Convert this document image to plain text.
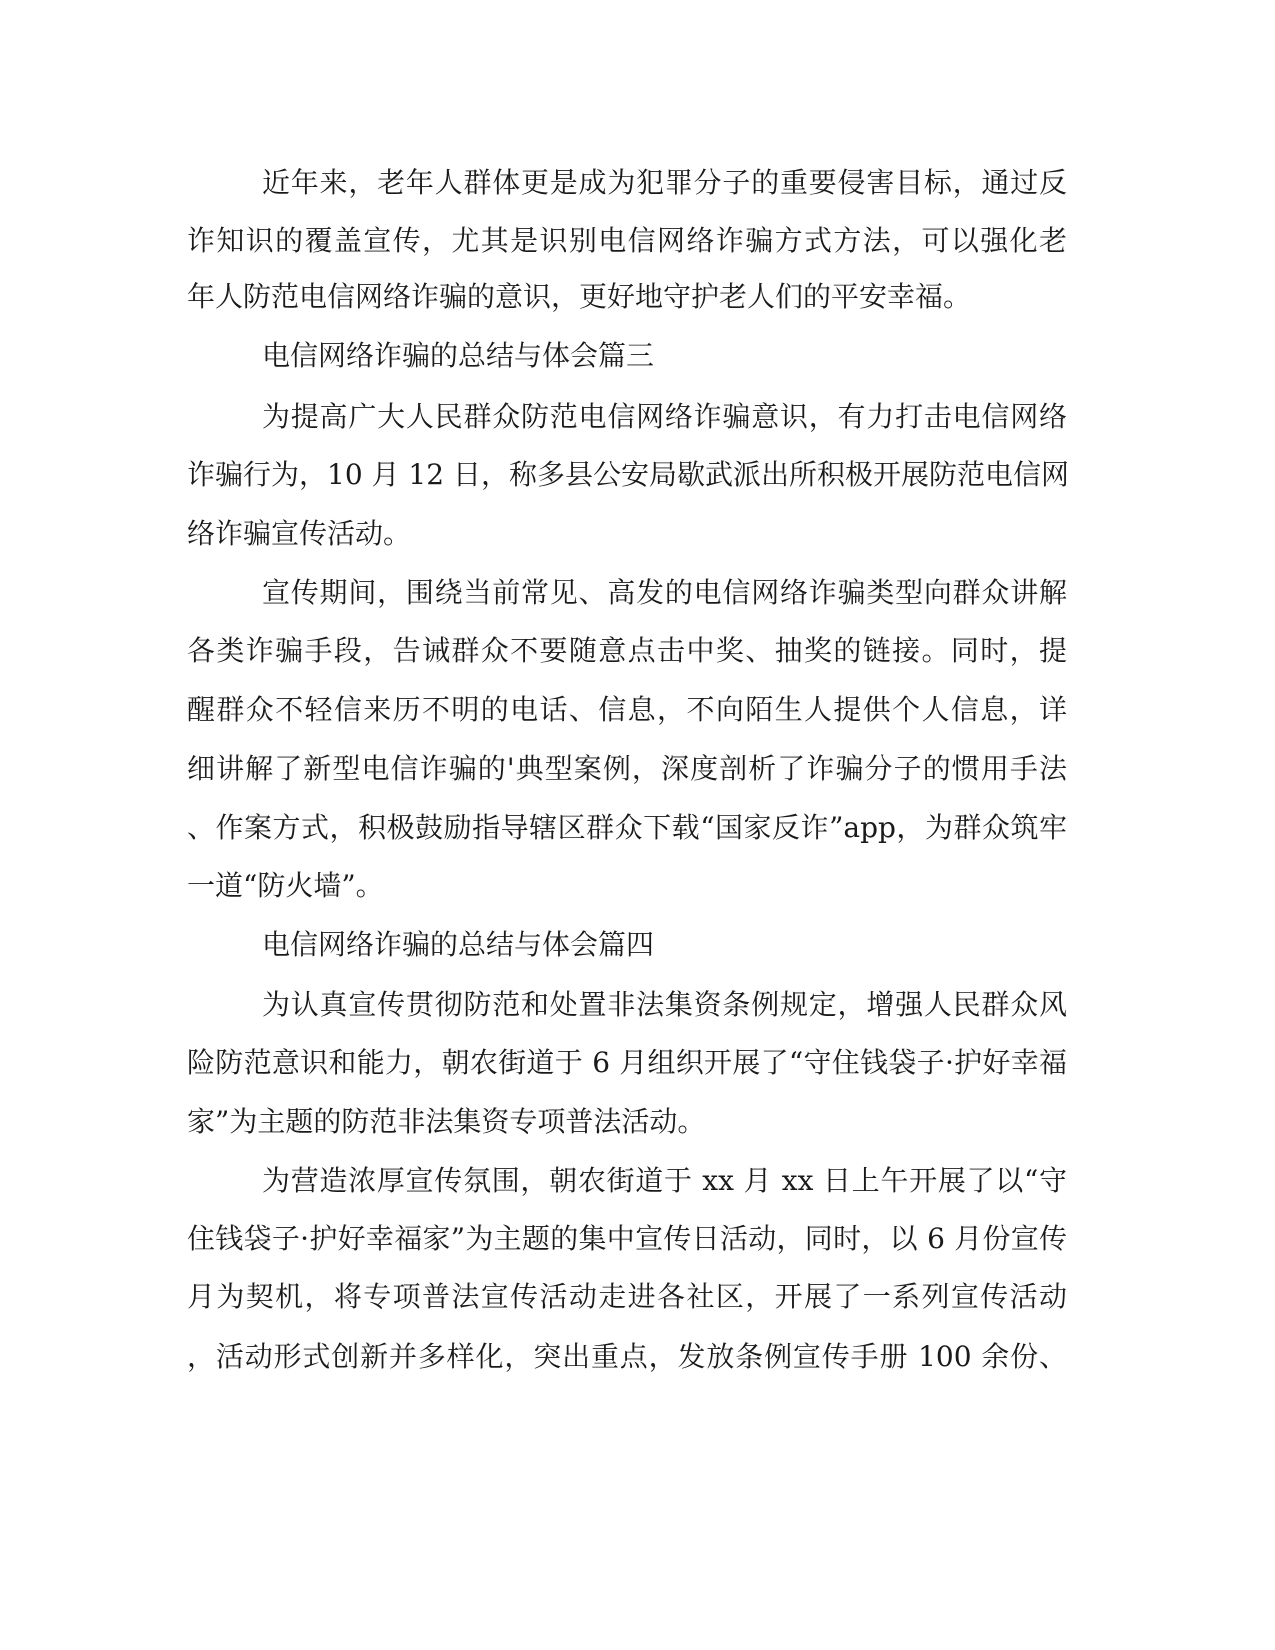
近年来，老年人群体更是成为犯罪分子的重要侵害目标，通过反
诈知识的覆盖宣传，尤其是识别电信网络诈骗方式方法，可以强化老
年人防范电信网络诈骗的意识，更好地守护老人们的平安幸福。
电信网络诈骗的总结与体会篇三
为提高广大人民群众防范电信网络诈骗意识，有力打击电信网络
诈骗行为，10 月 12 日，称多县公安局歇武派出所积极开展防范电信网
络诈骗宣传活动。
宣传期间，围绕当前常见、高发的电信网络诈骗类型向群众讲解
各类诈骗手段，告诫群众不要随意点击中奖、抽奖的链接。同时，提
醒群众不轻信来历不明的电话、信息，不向陌生人提供个人信息，详
细讲解了新型电信诈骗的'典型案例，深度剖析了诈骗分子的惯用手法
、作案方式，积极鼓励指导辖区群众下载“国家反诈”app，为群众筑牢
一道“防火墙”。
电信网络诈骗的总结与体会篇四
为认真宣传贯彻防范和处置非法集资条例规定，增强人民群众风
险防范意识和能力，朝农街道于 6 月组织开展了“守住钱袋子·护好幸福
家”为主题的防范非法集资专项普法活动。
为营造浓厚宣传氛围，朝农街道于 xx 月 xx 日上午开展了以“守
住钱袋子·护好幸福家”为主题的集中宣传日活动，同时，以 6 月份宣传
月为契机，将专项普法宣传活动走进各社区，开展了一系列宣传活动
，活动形式创新并多样化，突出重点，发放条例宣传手册 100 余份、
